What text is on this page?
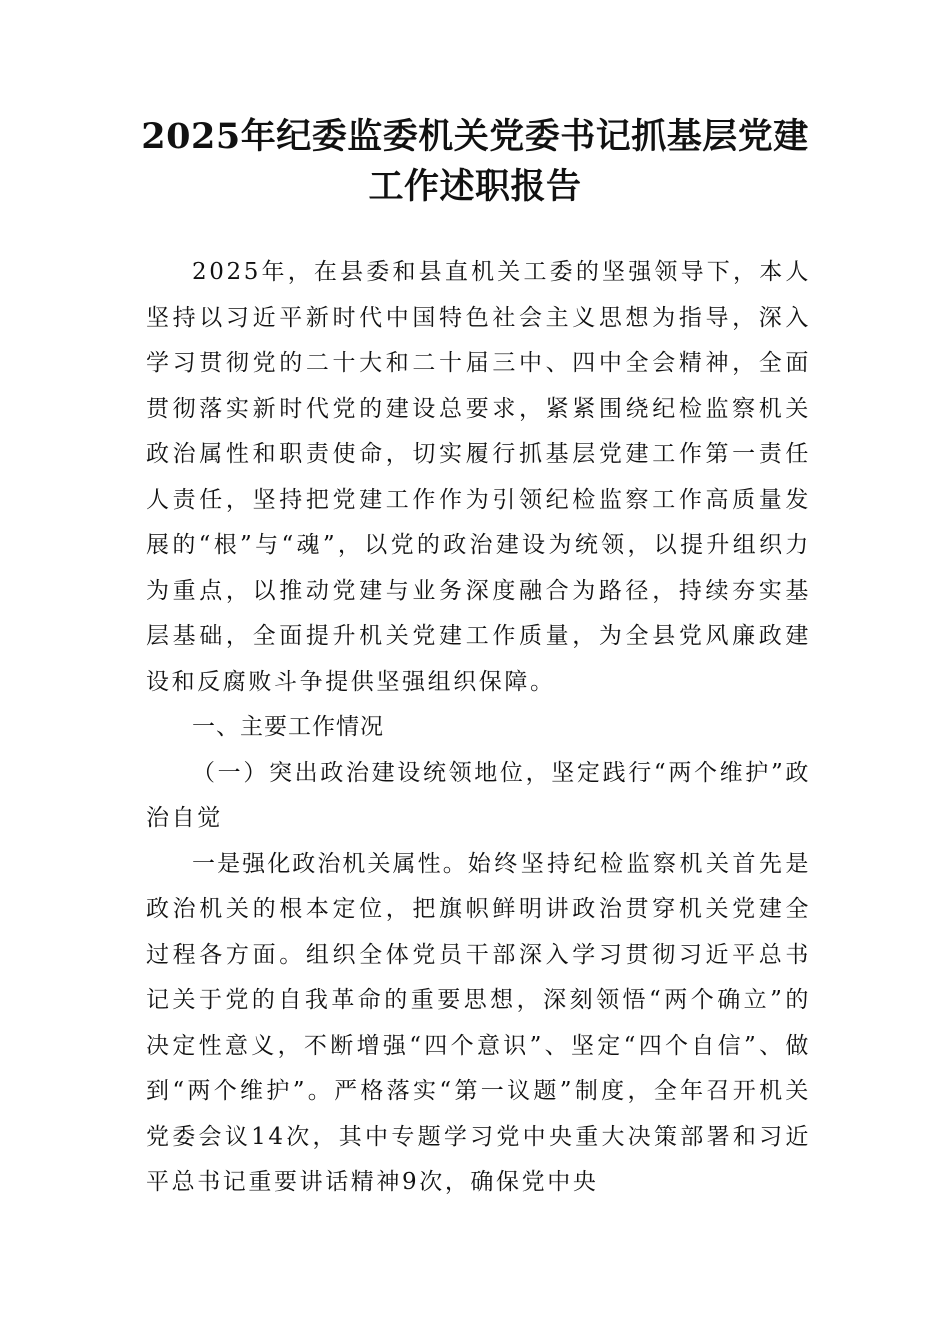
2025年纪委监委机关党委书记抓基层党建
工作述职报告

2025年，在县委和县直机关工委的坚强领导下，本人坚持以习近平新时代中国特色社会主义思想为指导，深入学习贯彻党的二十大和二十届三中、四中全会精神，全面贯彻落实新时代党的建设总要求，紧紧围绕纪检监察机关政治属性和职责使命，切实履行抓基层党建工作第一责任人责任，坚持把党建工作作为引领纪检监察工作高质量发展的“根”与“魂”，以党的政治建设为统领，以提升组织力为重点，以推动党建与业务深度融合为路径，持续夯实基层基础，全面提升机关党建工作质量，为全县党风廉政建设和反腐败斗争提供坚强组织保障。

一、主要工作情况

（一）突出政治建设统领地位，坚定践行“两个维护”政治自觉

一是强化政治机关属性。始终坚持纪检监察机关首先是政治机关的根本定位，把旗帜鲜明讲政治贯穿机关党建全过程各方面。组织全体党员干部深入学习贯彻习近平总书记关于党的自我革命的重要思想，深刻领悟“两个确立”的决定性意义，不断增强“四个意识”、坚定“四个自信”、做到“两个维护”。严格落实“第一议题”制度，全年召开机关党委会议14次，其中专题学习党中央重大决策部署和习近平总书记重要讲话精神9次，确保党中央
